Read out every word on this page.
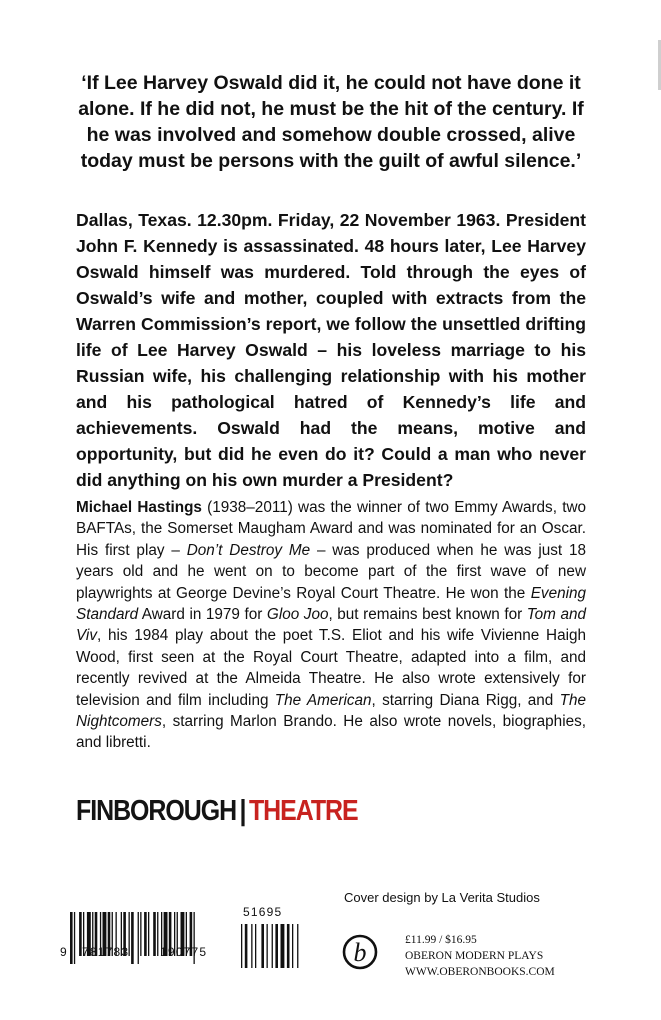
‘If Lee Harvey Oswald did it, he could not have done it alone. If he did not, he must be the hit of the century. If he was involved and somehow double crossed, alive today must be persons with the guilt of awful silence.’

Dallas, Texas. 12.30pm. Friday, 22 November 1963. President John F. Kennedy is assassinated. 48 hours later, Lee Harvey Oswald himself was murdered. Told through the eyes of Oswald’s wife and mother, coupled with extracts from the Warren Commission’s report, we follow the unsettled drifting life of Lee Harvey Oswald – his loveless marriage to his Russian wife, his challenging relationship with his mother and his pathological hatred of Kennedy’s life and achievements. Oswald had the means, motive and opportunity, but did he even do it? Could a man who never did anything on his own murder a President?

Michael Hastings (1938–2011) was the winner of two Emmy Awards, two BAFTAs, the Somerset Maugham Award and was nominated for an Oscar. His first play – Don’t Destroy Me – was produced when he was just 18 years old and he went on to become part of the first wave of new playwrights at George Devine’s Royal Court Theatre. He won the Evening Standard Award in 1979 for Gloo Joo, but remains best known for Tom and Viv, his 1984 play about the poet T.S. Eliot and his wife Vivienne Haigh Wood, first seen at the Royal Court Theatre, adapted into a film, and recently revived at the Almeida Theatre. He also wrote extensively for television and film including The American, starring Diana Rigg, and The Nightcomers, starring Marlon Brando. He also wrote novels, biographies, and libretti.

FINBOROUGH | THEATRE
Cover design by La Verita Studios
9 781783	190775
51695
b	£11.99 / $16.95
OBERON MODERN PLAYS
WWW.OBERONBOOKS.COM
